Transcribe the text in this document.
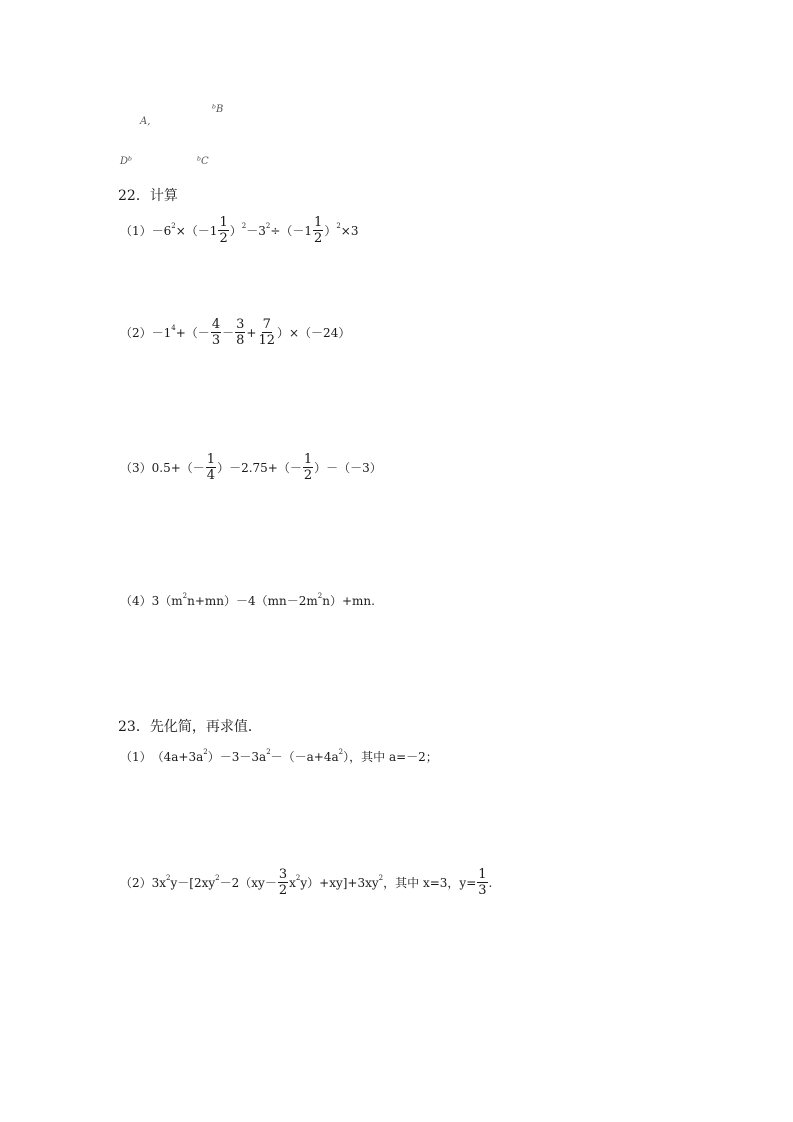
A,
ᵇB
Dᵇ	ᵇC
22．计算
（1） －6 $2 \times(-1 \frac{1}{2}$ ） 2 －3 $2 \div(-1 \frac{1}{2}$ ） 2 ×3
（2） －1 4 +（－ $\frac{4}{3} - \frac{3}{8} + \frac{7}{12} )\times(-24)$
（3） $0.5+(- \frac{1}{4} )-2.75+(- \frac{1}{2} )-(-3)$
（4） 3（m 2 n+mn）－4（mn－2m 2 n）+mn.
23．先化简，再求值．
（1） （4a+3a 2 ）－3－3a 2 －（－a+4a 2 ），其中 a=－2；
（2） 3x 2 y－[2xy $2 -2(xy- \frac{3}{2}$ x 2 y）+xy]+3xy 2 ，其中 x=3，$y= \frac{1}{3}$ .
